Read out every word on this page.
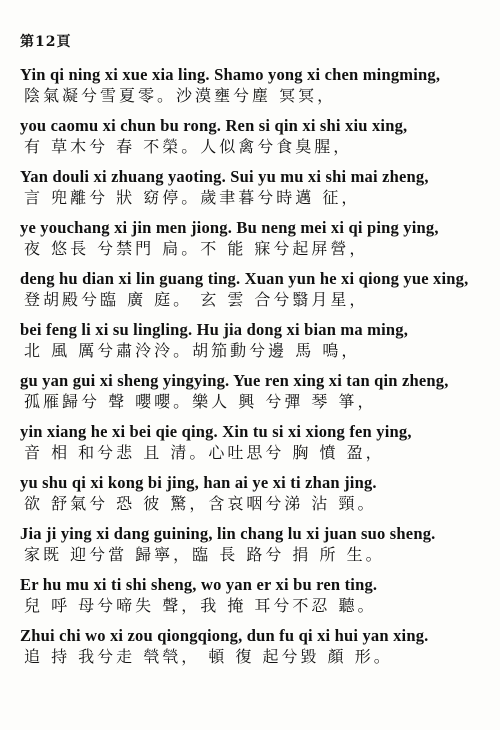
第12頁
Yin qi ning xi xue xia ling. Shamo yong xi chen mingming,
陰氣凝兮雪夏零。沙漠壅兮塵 冥冥，
you caomu xi chun bu rong. Ren si qin xi shi xiu xing,
有 草木兮 春 不榮。人似禽兮食臭腥，
Yan douli xi zhuang yaoting. Sui yu mu xi shi mai zheng,
言 兜離兮 狀 窈停。歲聿暮兮時邁 征，
ye youchang xi jin men jiong. Bu neng mei xi qi ping ying,
夜 悠長 兮禁門 扃。不 能 寐兮起屏營，
deng hu dian xi lin guang ting. Xuan yun he xi qiong yue xing,
登胡殿兮臨 廣 庭。 玄 雲 合兮翳月星，
bei feng li xi su lingling. Hu jia dong xi bian ma ming,
北 風 厲兮肅泠泠。胡笳動兮邊 馬 鳴，
gu yan gui xi sheng yingying. Yue ren xing xi tan qin zheng,
孤雁歸兮 聲 嚶嚶。樂人 興 兮彈 琴 箏，
yin xiang he xi bei qie qing. Xin tu si xi xiong fen ying,
音 相 和兮悲 且 清。心吐思兮 胸 憤 盈，
yu shu qi xi kong bi jing, han ai ye xi ti zhan jing.
欲 舒氣兮 恐 彼 驚，含哀咽兮涕 沾 頸。
Jia ji ying xi dang guining, lin chang lu xi juan suo sheng.
家既 迎兮當 歸寧，臨 長 路兮 捐 所 生。
Er hu mu xi ti shi sheng, wo yan er xi bu ren ting.
兒 呼 母兮啼失 聲，我 掩 耳兮不忍 聽。
Zhui chi wo xi zou qiongqiong, dun fu qi xi hui yan xing.
追 持 我兮走 煢煢， 頓 復 起兮毀 顏 形。
